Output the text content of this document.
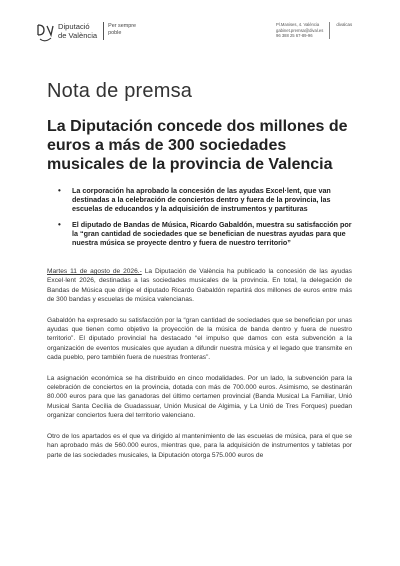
Diputació
de València
Per sempre
poble
Pl.Manises, 4. València
gabinet.premsa@dival.es
96 388 25 67-89-96
divalcas
Nota de premsa
La Diputación concede dos millones de euros a más de 300 sociedades musicales de la provincia de Valencia
• La corporación ha aprobado la concesión de las ayudas Excel·lent, que van destinadas a la celebración de conciertos dentro y fuera de la provincia, las escuelas de educandos y la adquisición de instrumentos y partituras
• El diputado de Bandas de Música, Ricardo Gabaldón, muestra su satisfacción por la “gran cantidad de sociedades que se benefician de nuestras ayudas para que nuestra música se proyecte dentro y fuera de nuestro territorio”

Martes 11 de agosto de 2026.- La Diputación de València ha publicado la concesión de las ayudas Excel·lent 2026, destinadas a las sociedades musicales de la provincia. En total, la delegación de Bandas de Música que dirige el diputado Ricardo Gabaldón repartirá dos millones de euros entre más de 300 bandas y escuelas de música valencianas.

Gabaldón ha expresado su satisfacción por la “gran cantidad de sociedades que se benefician por unas ayudas que tienen como objetivo la proyección de la música de banda dentro y fuera de nuestro territorio”. El diputado provincial ha destacado “el impulso que damos con esta subvención a la organización de eventos musicales que ayudan a difundir nuestra música y el legado que transmite en cada pueblo, pero también fuera de nuestras fronteras”.

La asignación económica se ha distribuido en cinco modalidades. Por un lado, la subvención para la celebración de conciertos en la provincia, dotada con más de 700.000 euros. Asimismo, se destinarán 80.000 euros para que las ganadoras del último certamen provincial (Banda Musical La Familiar, Unió Musical Santa Cecília de Guadassuar, Unión Musical de Algimia, y La Unió de Tres Forques) puedan organizar conciertos fuera del territorio valenciano.

Otro de los apartados es el que va dirigido al mantenimiento de las escuelas de música, para el que se han aprobado más de 560.000 euros, mientras que, para la adquisición de instrumentos y tabletas por parte de las sociedades musicales, la Diputación otorga 575.000 euros de
